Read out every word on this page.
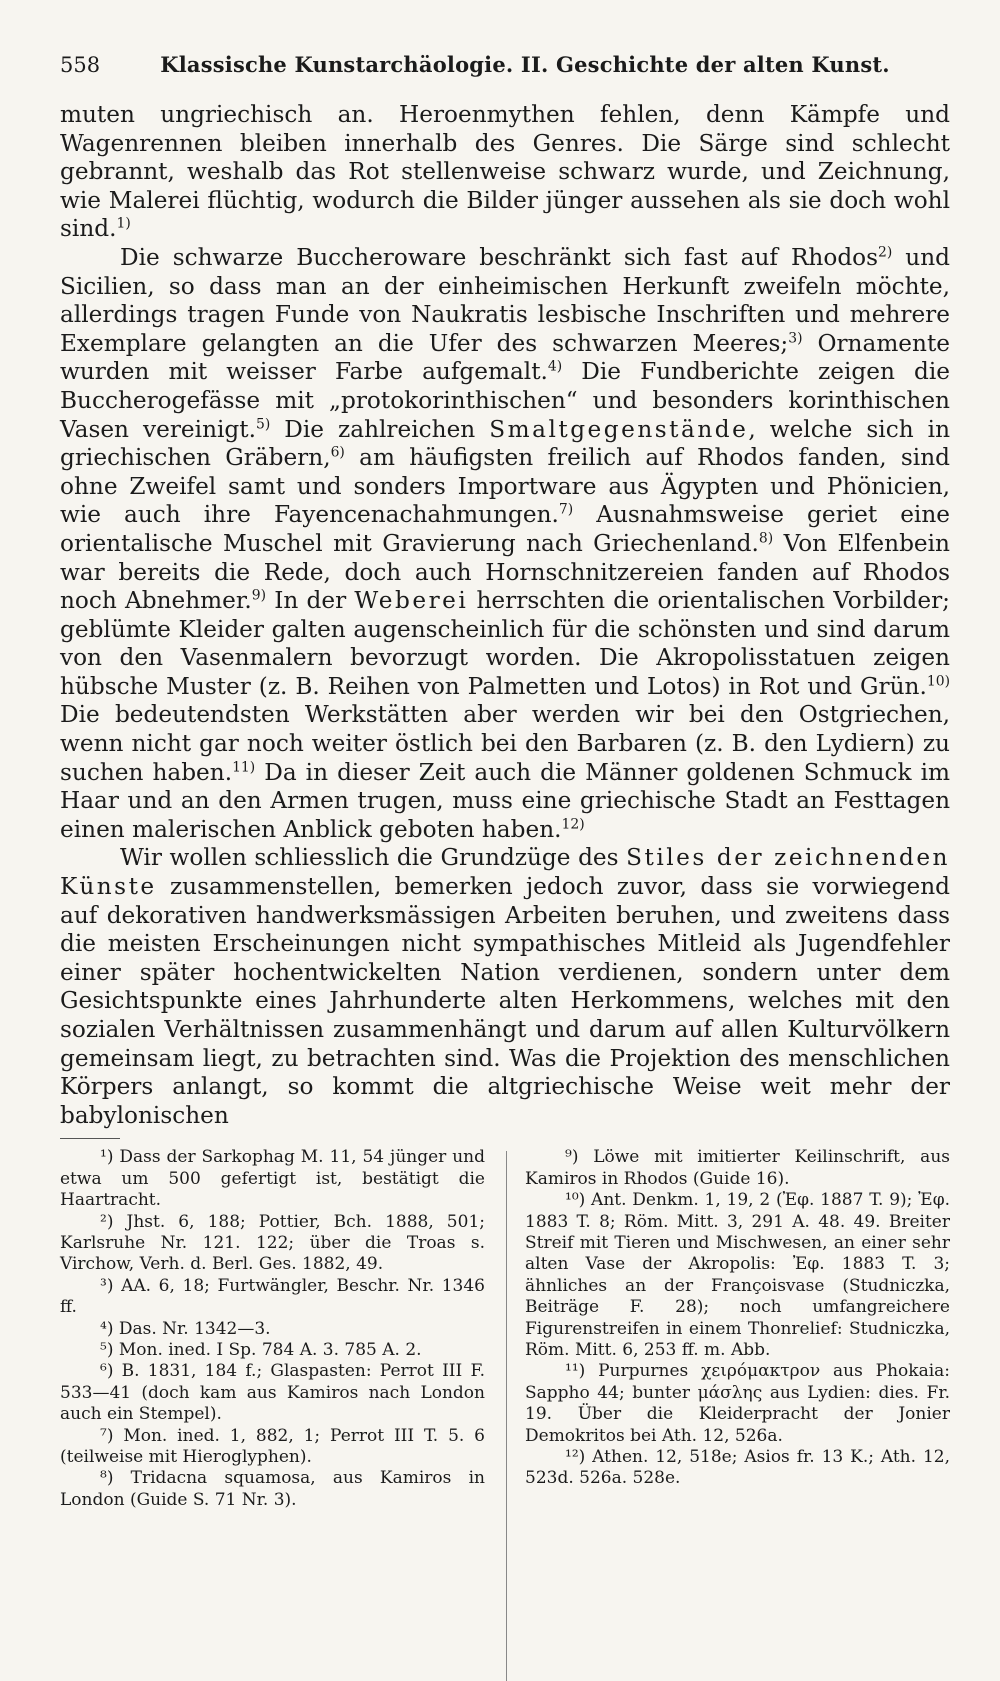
558	Klassische Kunstarchäologie. II. Geschichte der alten Kunst.

muten ungriechisch an. Heroenmythen fehlen, denn Kämpfe und Wagenrennen bleiben innerhalb des Genres. Die Särge sind schlecht gebrannt, weshalb das Rot stellenweise schwarz wurde, und Zeichnung, wie Malerei flüchtig, wodurch die Bilder jünger aussehen als sie doch wohl sind.$^{1)}$

Die schwarze Buccheroware beschränkt sich fast auf Rhodos$^{2)}$ und Sicilien, so dass man an der einheimischen Herkunft zweifeln möchte, allerdings tragen Funde von Naukratis lesbische Inschriften und mehrere Exemplare gelangten an die Ufer des schwarzen Meeres;$^{3)}$ Ornamente wurden mit weisser Farbe aufgemalt.$^{4)}$ Die Fundberichte zeigen die Buccherogefässe mit „protokorinthischen“ und besonders korinthischen Vasen vereinigt.$^{5)}$ Die zahlreichen Smaltgegenstände, welche sich in griechischen Gräbern,$^{6)}$ am häufigsten freilich auf Rhodos fanden, sind ohne Zweifel samt und sonders Importware aus Ägypten und Phönicien, wie auch ihre Fayencenachahmungen.$^{7)}$ Ausnahmsweise geriet eine orientalische Muschel mit Gravierung nach Griechenland.$^{8)}$ Von Elfenbein war bereits die Rede, doch auch Hornschnitzereien fanden auf Rhodos noch Abnehmer.$^{9)}$ In der Weberei herrschten die orientalischen Vorbilder; geblümte Kleider galten augenscheinlich für die schönsten und sind darum von den Vasenmalern bevorzugt worden. Die Akropolisstatuen zeigen hübsche Muster (z. B. Reihen von Palmetten und Lotos) in Rot und Grün.$^{10)}$ Die bedeutendsten Werkstätten aber werden wir bei den Ostgriechen, wenn nicht gar noch weiter östlich bei den Barbaren (z. B. den Lydiern) zu suchen haben.$^{11)}$ Da in dieser Zeit auch die Männer goldenen Schmuck im Haar und an den Armen trugen, muss eine griechische Stadt an Festtagen einen malerischen Anblick geboten haben.$^{12)}$

Wir wollen schliesslich die Grundzüge des Stiles der zeichnenden Künste zusammenstellen, bemerken jedoch zuvor, dass sie vorwiegend auf dekorativen handwerksmässigen Arbeiten beruhen, und zweitens dass die meisten Erscheinungen nicht sympathisches Mitleid als Jugendfehler einer später hochentwickelten Nation verdienen, sondern unter dem Gesichtspunkte eines Jahrhunderte alten Herkommens, welches mit den sozialen Verhältnissen zusammenhängt und darum auf allen Kulturvölkern gemeinsam liegt, zu betrachten sind. Was die Projektion des menschlichen Körpers anlangt, so kommt die altgriechische Weise weit mehr der babylonischen

¹) Dass der Sarkophag M. 11, 54 jünger und etwa um 500 gefertigt ist, bestätigt die Haartracht.

²) Jhst. 6, 188; Pottier, Bch. 1888, 501; Karlsruhe Nr. 121. 122; über die Troas s. Virchow, Verh. d. Berl. Ges. 1882, 49.

³) AA. 6, 18; Furtwängler, Beschr. Nr. 1346 ff.

⁴) Das. Nr. 1342—3.

⁵) Mon. ined. I Sp. 784 A. 3. 785 A. 2.

⁶) B. 1831, 184 f.; Glaspasten: Perrot III F. 533—41 (doch kam aus Kamiros nach London auch ein Stempel).

⁷) Mon. ined. 1, 882, 1; Perrot III T. 5. 6 (teilweise mit Hieroglyphen).

⁸) Tridacna squamosa, aus Kamiros in London (Guide S. 71 Nr. 3).

⁹) Löwe mit imitierter Keilinschrift, aus Kamiros in Rhodos (Guide 16).

¹⁰) Ant. Denkm. 1, 19, 2 (Ἐφ. 1887 T. 9); Ἐφ. 1883 T. 8; Röm. Mitt. 3, 291 A. 48. 49. Breiter Streif mit Tieren und Mischwesen, an einer sehr alten Vase der Akropolis: Ἐφ. 1883 T. 3; ähnliches an der Françoisvase (Studniczka, Beiträge F. 28); noch umfangreichere Figurenstreifen in einem Thonrelief: Studniczka, Röm. Mitt. 6, 253 ff. m. Abb.

¹¹) Purpurnes χειρόμακτρον aus Phokaia: Sappho 44; bunter μάσλης aus Lydien: dies. Fr. 19. Über die Kleiderpracht der Jonier Demokritos bei Ath. 12, 526a.

¹²) Athen. 12, 518e; Asios fr. 13 K.; Ath. 12, 523d. 526a. 528e.
